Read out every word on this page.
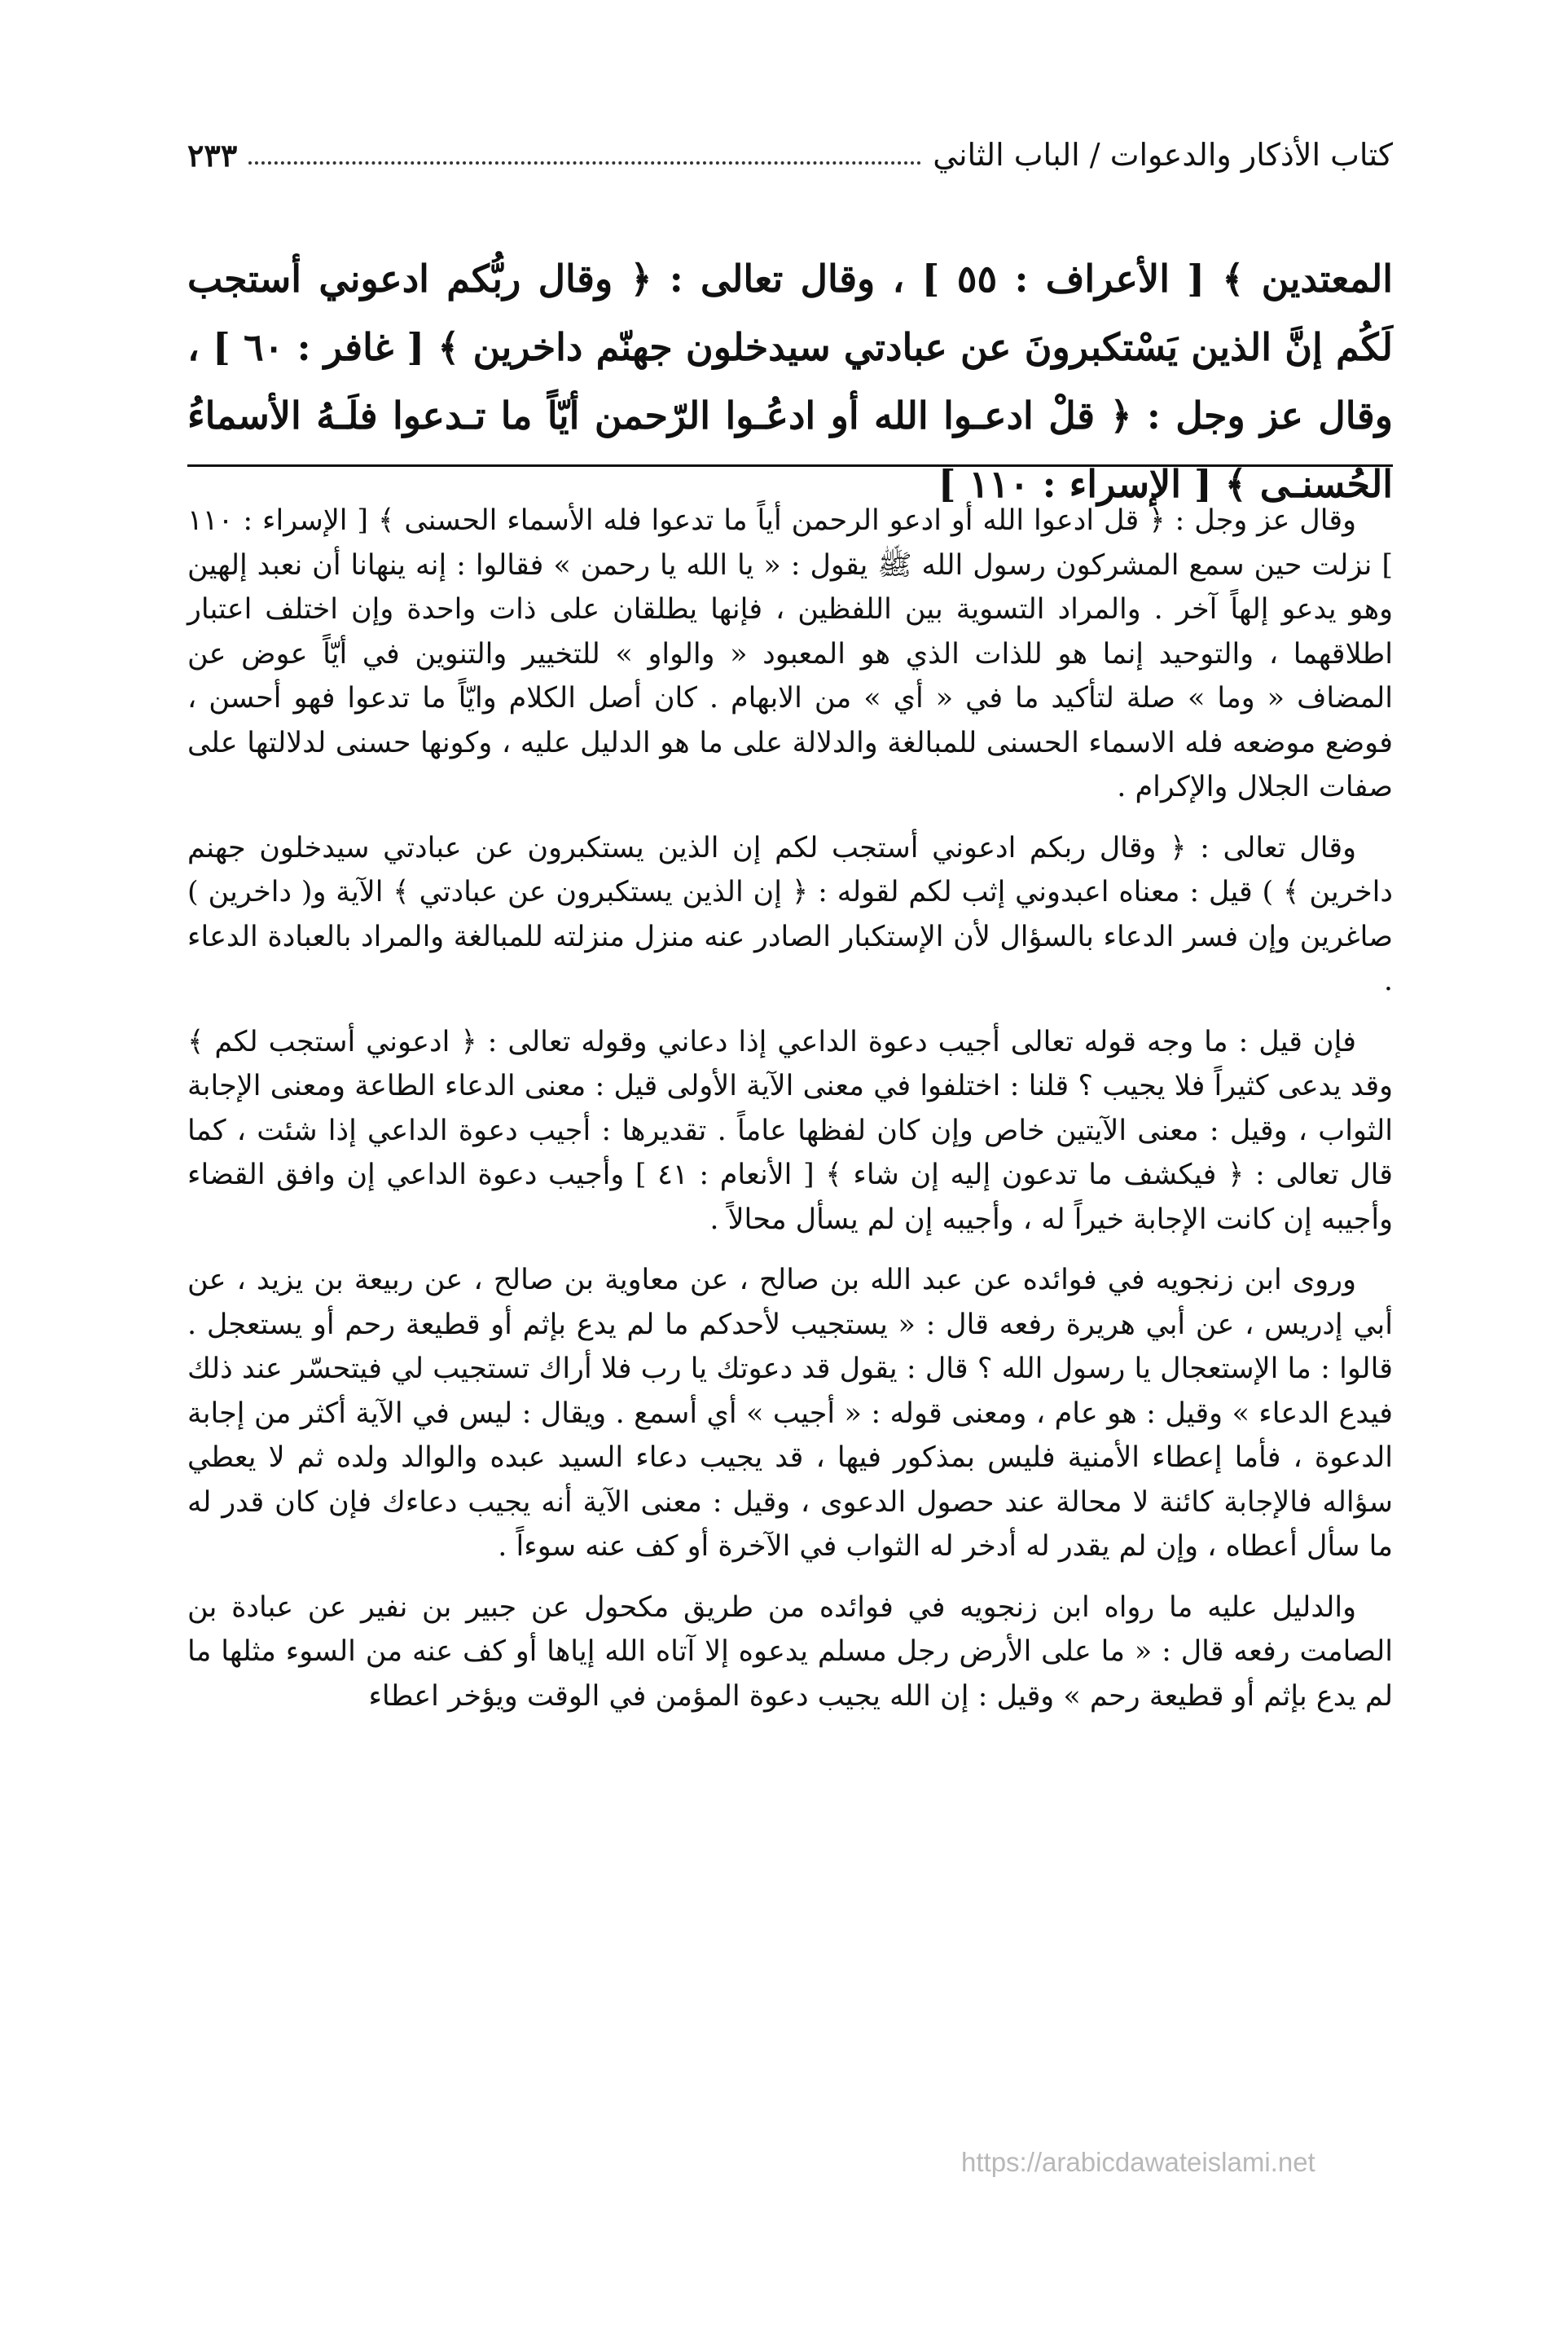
كتاب الأذكار والدعوات / الباب الثاني
٢٣٣

المعتدين ﴾ [ الأعراف : ٥٥ ] ، وقال تعالى : ﴿ وقال ربُّكم ادعوني أستجب لَكُم إنَّ الذين يَسْتكبرونَ عن عبادتي سيدخلون جهنّم داخرين ﴾ [ غافر : ٦٠ ] ، وقال عز وجل : ﴿ قلْ ادعـوا الله أو ادعُـوا الرّحمن أيّاً ما تـدعوا فلَـهُ الأسماءُ الحُسنـى ﴾ [ الإسراء : ١١٠ ]

وقال عز وجل : ﴿ قل ادعوا الله أو ادعو الرحمن أياً ما تدعوا فله الأسماء الحسنى ﴾ [ الإسراء : ١١٠ ] نزلت حين سمع المشركون رسول الله ﷺ يقول : « يا الله يا رحمن » فقالوا : إنه ينهانا أن نعبد إلهين وهو يدعو إلهاً آخر . والمراد التسوية بين اللفظين ، فإنها يطلقان على ذات واحدة وإن اختلف اعتبار اطلاقهما ، والتوحيد إنما هو للذات الذي هو المعبود « والواو » للتخيير والتنوين في أيّاً عوض عن المضاف « وما » صلة لتأكيد ما في « أي » من الابهام . كان أصل الكلام وايّاً ما تدعوا فهو أحسن ، فوضع موضعه فله الاسماء الحسنى للمبالغة والدلالة على ما هو الدليل عليه ، وكونها حسنى لدلالتها على صفات الجلال والإكرام .

وقال تعالى : ﴿ وقال ربكم ادعوني أستجب لكم إن الذين يستكبرون عن عبادتي سيدخلون جهنم داخرين ﴾ ) قيل : معناه اعبدوني إثب لكم لقوله : ﴿ إن الذين يستكبرون عن عبادتي ﴾ الآية و( داخرين ) صاغرين وإن فسر الدعاء بالسؤال لأن الإستكبار الصادر عنه منزل منزلته للمبالغة والمراد بالعبادة الدعاء .

فإن قيل : ما وجه قوله تعالى أجيب دعوة الداعي إذا دعاني وقوله تعالى : ﴿ ادعوني أستجب لكم ﴾ وقد يدعى كثيراً فلا يجيب ؟ قلنا : اختلفوا في معنى الآية الأولى قيل : معنى الدعاء الطاعة ومعنى الإجابة الثواب ، وقيل : معنى الآيتين خاص وإن كان لفظها عاماً . تقديرها : أجيب دعوة الداعي إذا شئت ، كما قال تعالى : ﴿ فيكشف ما تدعون إليه إن شاء ﴾ [ الأنعام : ٤١ ] وأجيب دعوة الداعي إن وافق القضاء وأجيبه إن كانت الإجابة خيراً له ، وأجيبه إن لم يسأل محالاً .

وروى ابن زنجويه في فوائده عن عبد الله بن صالح ، عن معاوية بن صالح ، عن ربيعة بن يزيد ، عن أبي إدريس ، عن أبي هريرة رفعه قال : « يستجيب لأحدكم ما لم يدع بإثم أو قطيعة رحم أو يستعجل . قالوا : ما الإستعجال يا رسول الله ؟ قال : يقول قد دعوتك يا رب فلا أراك تستجيب لي فيتحسّر عند ذلك فيدع الدعاء » وقيل : هو عام ، ومعنى قوله : « أجيب » أي أسمع . ويقال : ليس في الآية أكثر من إجابة الدعوة ، فأما إعطاء الأمنية فليس بمذكور فيها ، قد يجيب دعاء السيد عبده والوالد ولده ثم لا يعطي سؤاله فالإجابة كائنة لا محالة عند حصول الدعوى ، وقيل : معنى الآية أنه يجيب دعاءك فإن كان قدر له ما سأل أعطاه ، وإن لم يقدر له أدخر له الثواب في الآخرة أو كف عنه سوءاً .

والدليل عليه ما رواه ابن زنجويه في فوائده من طريق مكحول عن جبير بن نفير عن عبادة بن الصامت رفعه قال : « ما على الأرض رجل مسلم يدعوه إلا آتاه الله إياها أو كف عنه من السوء مثلها ما لم يدع بإثم أو قطيعة رحم » وقيل : إن الله يجيب دعوة المؤمن في الوقت ويؤخر اعطاء

https://arabicdawateislami.net
